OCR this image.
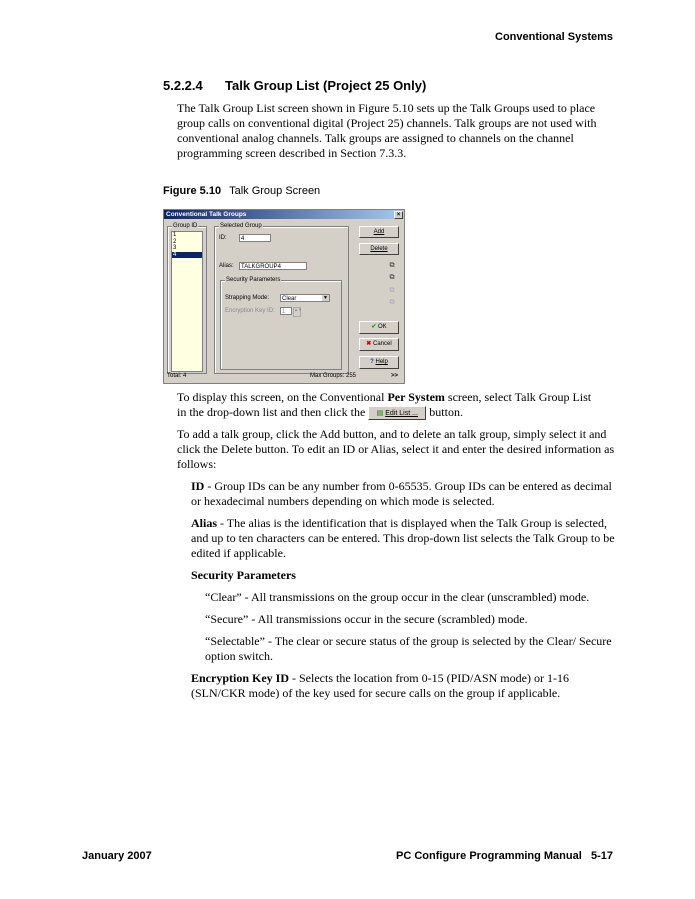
Conventional Systems
5.2.2.4 Talk Group List (Project 25 Only)

The Talk Group List screen shown in Figure 5.10 sets up the Talk Groups used to place group calls on conventional digital (Project 25) channels. Talk groups are not used with conventional analog channels. Talk groups are assigned to channels on the channel programming screen described in Section 7.3.3.

Figure 5.10 Talk Group Screen
Conventional Talk Groups	×
Group ID
1
2
3
4
Selected Group
ID:	4
Alias:	TALKGROUP4
Security Parameters
Strapping Mode:	Clear	▼
Encryption Key ID:	1	▲▼
Add
Delete
⧉
⧉
⧉
⧉
✔ OK
✖ Cancel
? Help
Total: 4	Max Groups: 255	>>

To display this screen, on the Conventional Per System screen, select Talk Group List
in the drop-down list and then click the ▤ Edit List ... button.

To add a talk group, click the Add button, and to delete an talk group, simply select it and click the Delete button. To edit an ID or Alias, select it and enter the desired information as follows:

ID - Group IDs can be any number from 0-65535. Group IDs can be entered as decimal or hexadecimal numbers depending on which mode is selected.

Alias - The alias is the identification that is displayed when the Talk Group is selected, and up to ten characters can be entered. This drop-down list selects the Talk Group to be edited if applicable.

Security Parameters

“Clear” - All transmissions on the group occur in the clear (unscrambled) mode.

“Secure” - All transmissions occur in the secure (scrambled) mode.

“Selectable” - The clear or secure status of the group is selected by the Clear/ Secure option switch.

Encryption Key ID - Selects the location from 0-15 (PID/ASN mode) or 1-16 (SLN/CKR mode) of the key used for secure calls on the group if applicable.

January 2007	PC Configure Programming Manual 5-17
